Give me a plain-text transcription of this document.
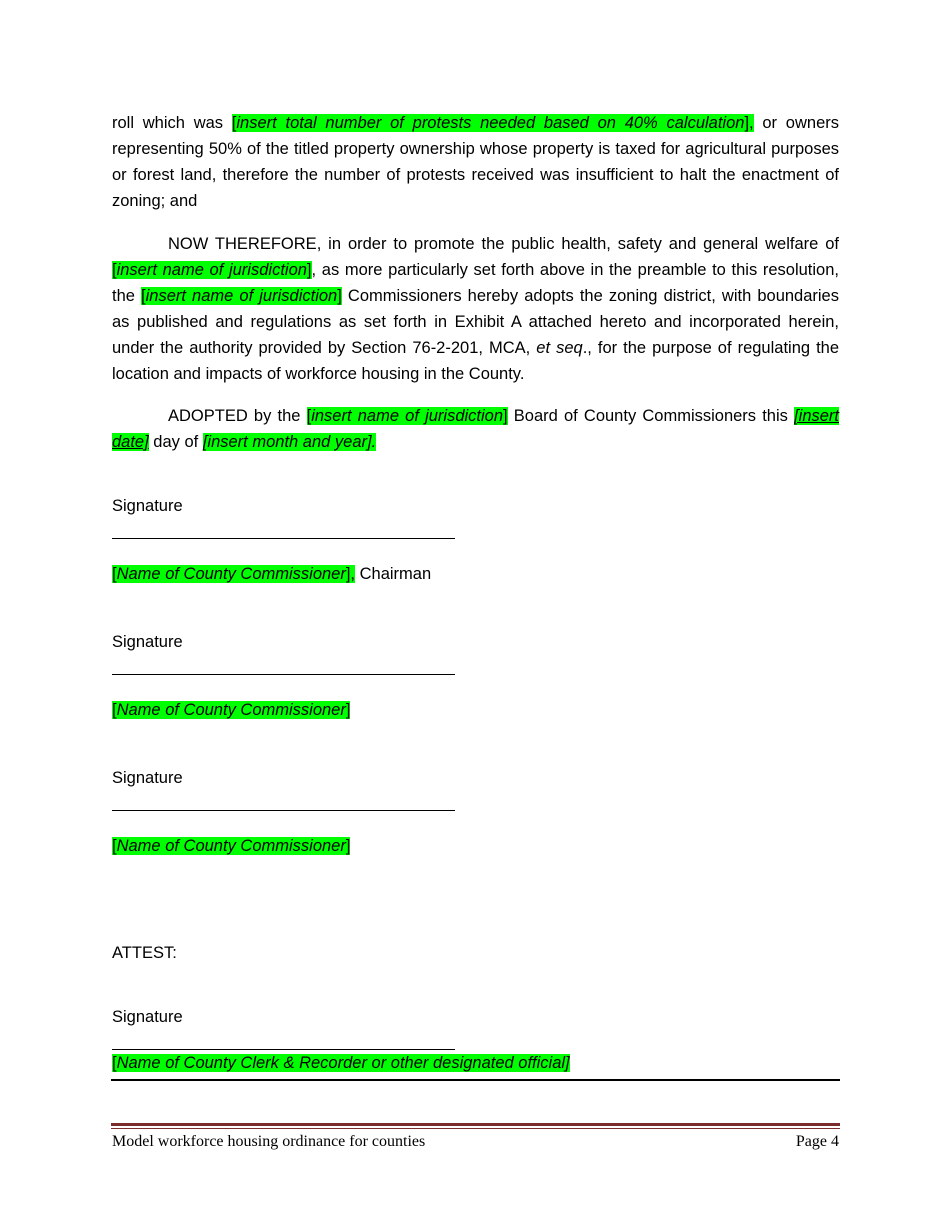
roll which was [insert total number of protests needed based on 40% calculation], or owners representing 50% of the titled property ownership whose property is taxed for agricultural purposes or forest land, therefore the number of protests received was insufficient to halt the enactment of zoning; and

NOW THEREFORE, in order to promote the public health, safety and general welfare of [insert name of jurisdiction], as more particularly set forth above in the preamble to this resolution, the [insert name of jurisdiction] Commissioners hereby adopts the zoning district, with boundaries as published and regulations as set forth in Exhibit A attached hereto and incorporated herein, under the authority provided by Section 76-2-201, MCA, et seq., for the purpose of regulating the location and impacts of workforce housing in the County.

ADOPTED by the [insert name of jurisdiction] Board of County Commissioners this [insert date] day of [insert month and year].

Signature
[Name of County Commissioner], Chairman
Signature
[Name of County Commissioner]
Signature
[Name of County Commissioner]
ATTEST:
Signature
[Name of County Clerk & Recorder or other designated official]
Model workforce housing ordinance for counties	Page 4
